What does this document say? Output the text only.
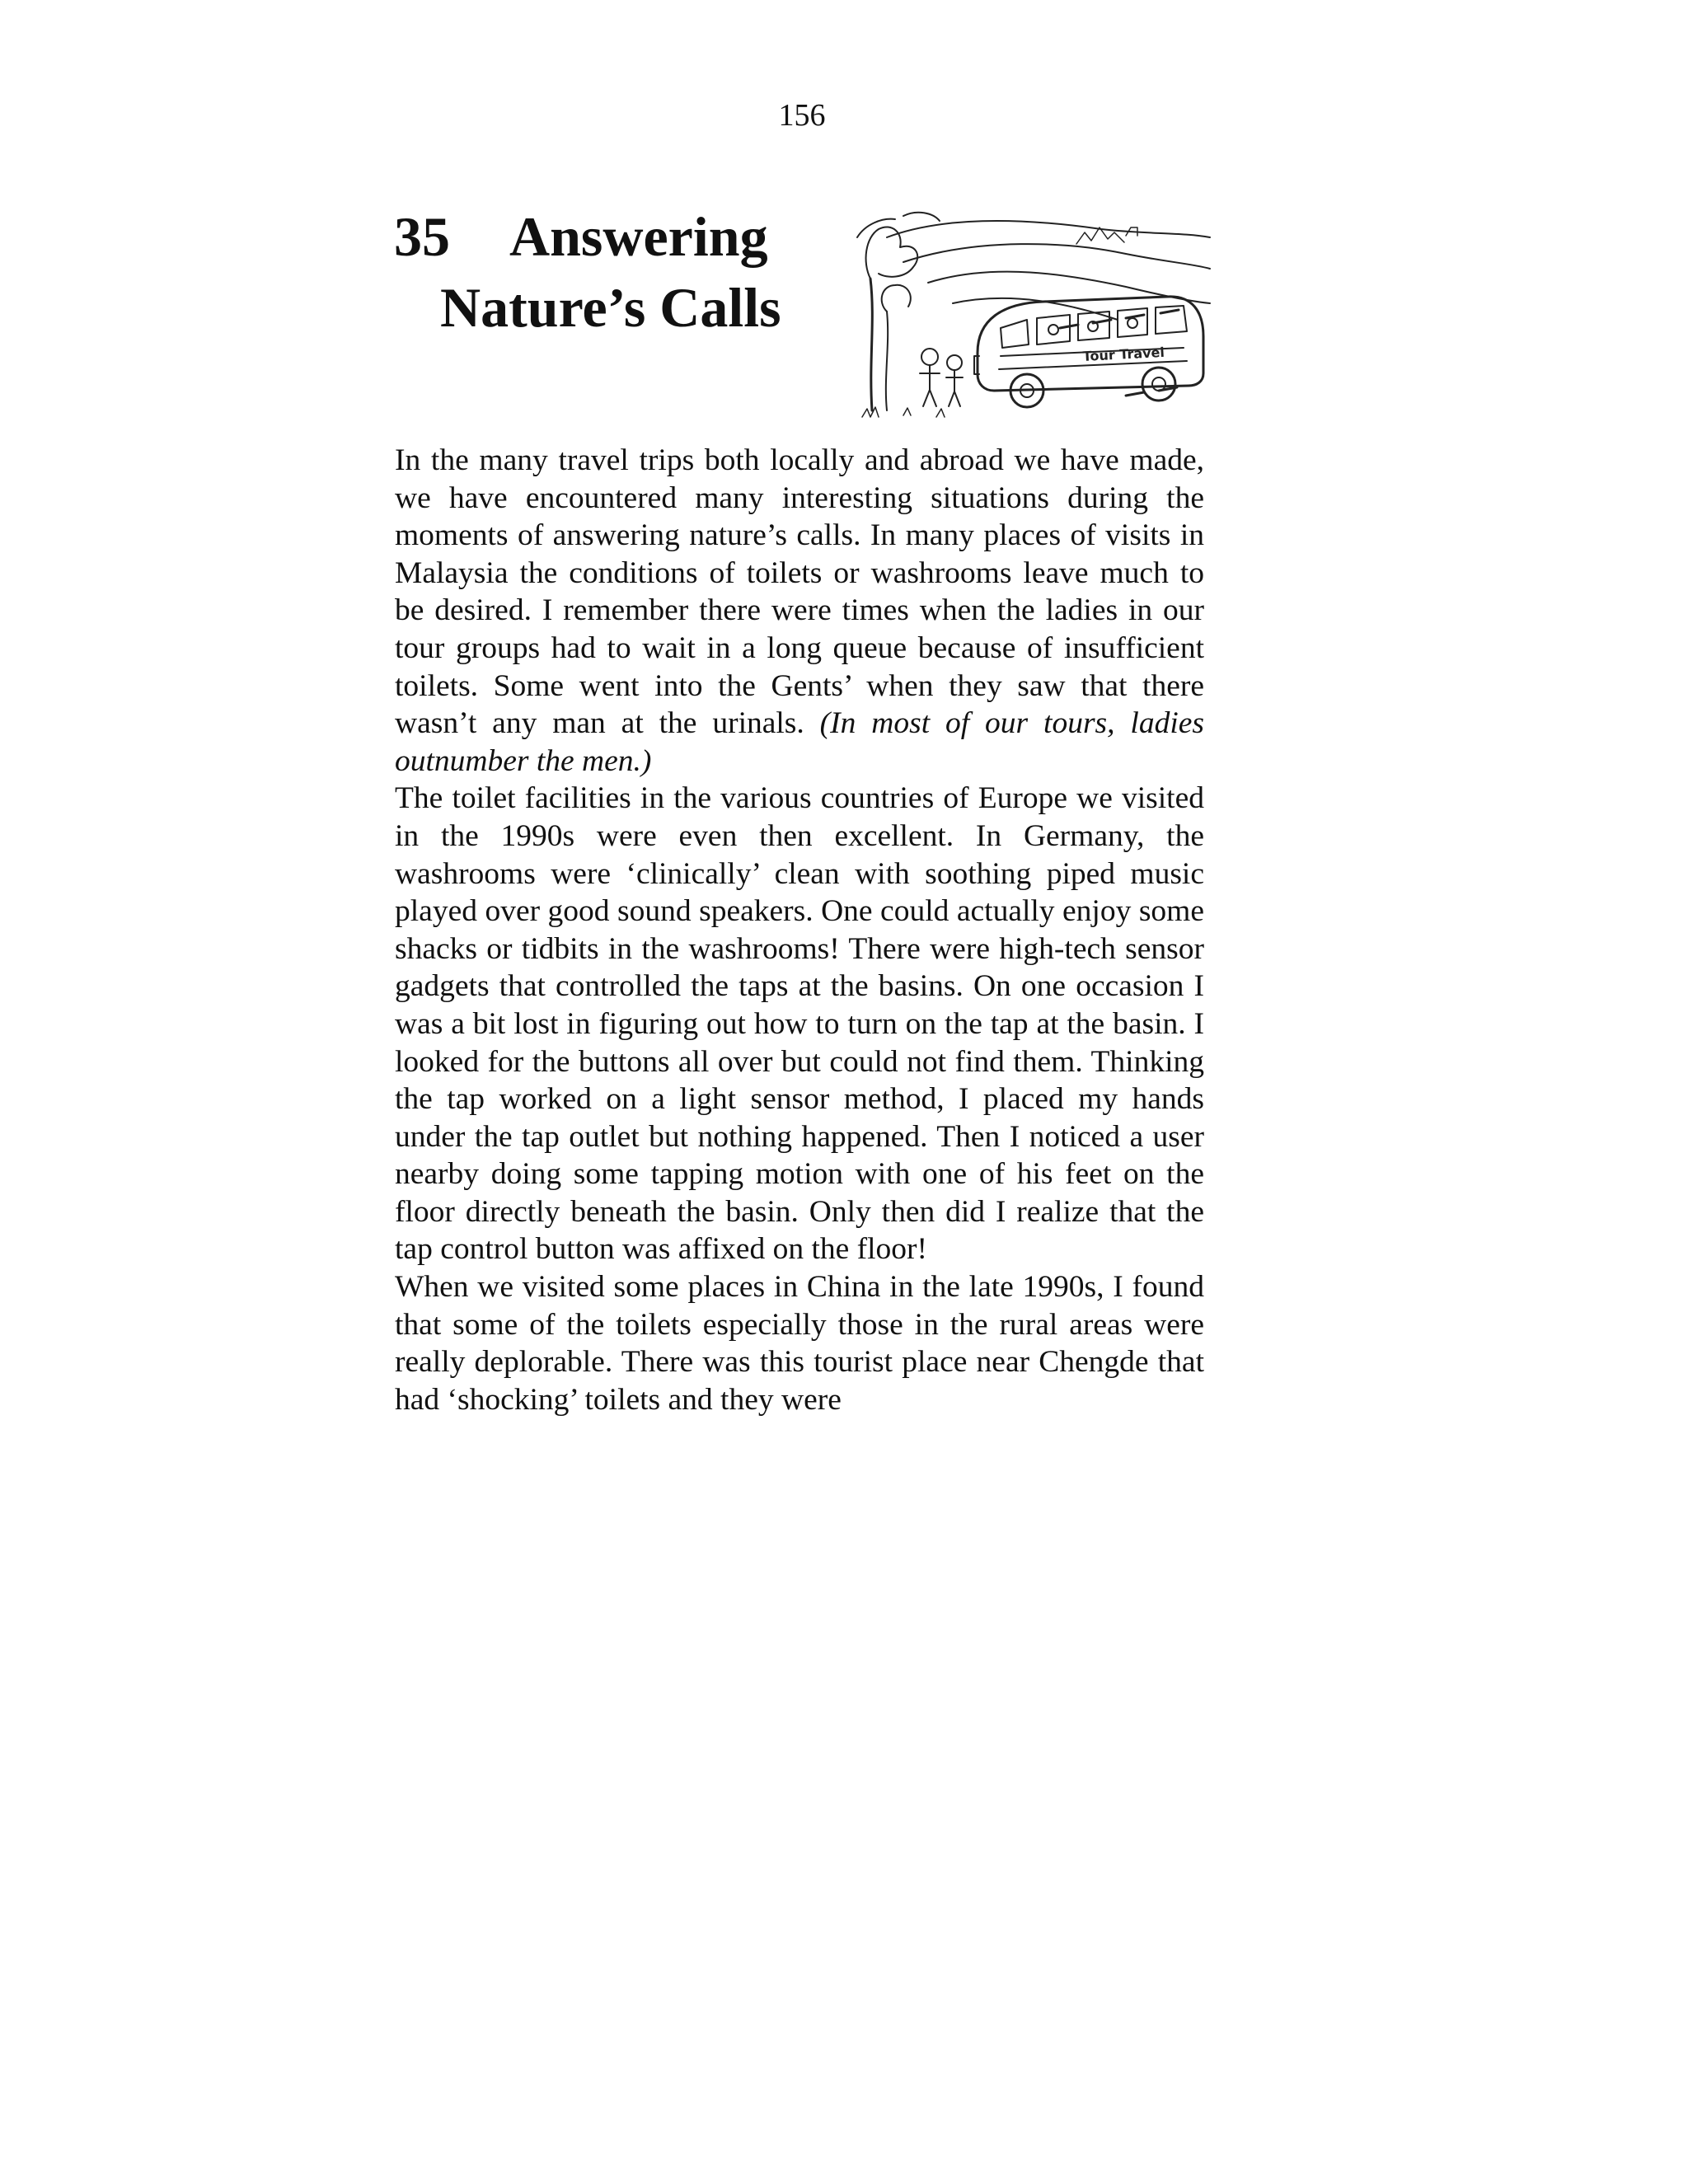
156
35 Answering
Nature’s Calls
Tour Travel

In the many travel trips both locally and abroad we have made, we have encountered many interesting situations during the moments of answering nature’s calls. In many places of visits in Malaysia the conditions of toilets or washrooms leave much to be desired. I remember there were times when the ladies in our tour groups had to wait in a long queue because of insufficient toilets. Some went into the Gents’ when they saw that there wasn’t any man at the urinals. (In most of our tours, ladies outnumber the men.)

The toilet facilities in the various countries of Europe we visited in the 1990s were even then excellent. In Germany, the washrooms were ‘clinically’ clean with soothing piped music played over good sound speakers. One could actually enjoy some shacks or tidbits in the washrooms! There were high-tech sensor gadgets that controlled the taps at the basins. On one occasion I was a bit lost in figuring out how to turn on the tap at the basin. I looked for the buttons all over but could not find them. Thinking the tap worked on a light sensor method, I placed my hands under the tap outlet but nothing happened. Then I noticed a user nearby doing some tapping motion with one of his feet on the floor directly beneath the basin. Only then did I realize that the tap control button was affixed on the floor!

When we visited some places in China in the late 1990s, I found that some of the toilets especially those in the rural areas were really deplorable. There was this tourist place near Chengde that had ‘shocking’ toilets and they were
